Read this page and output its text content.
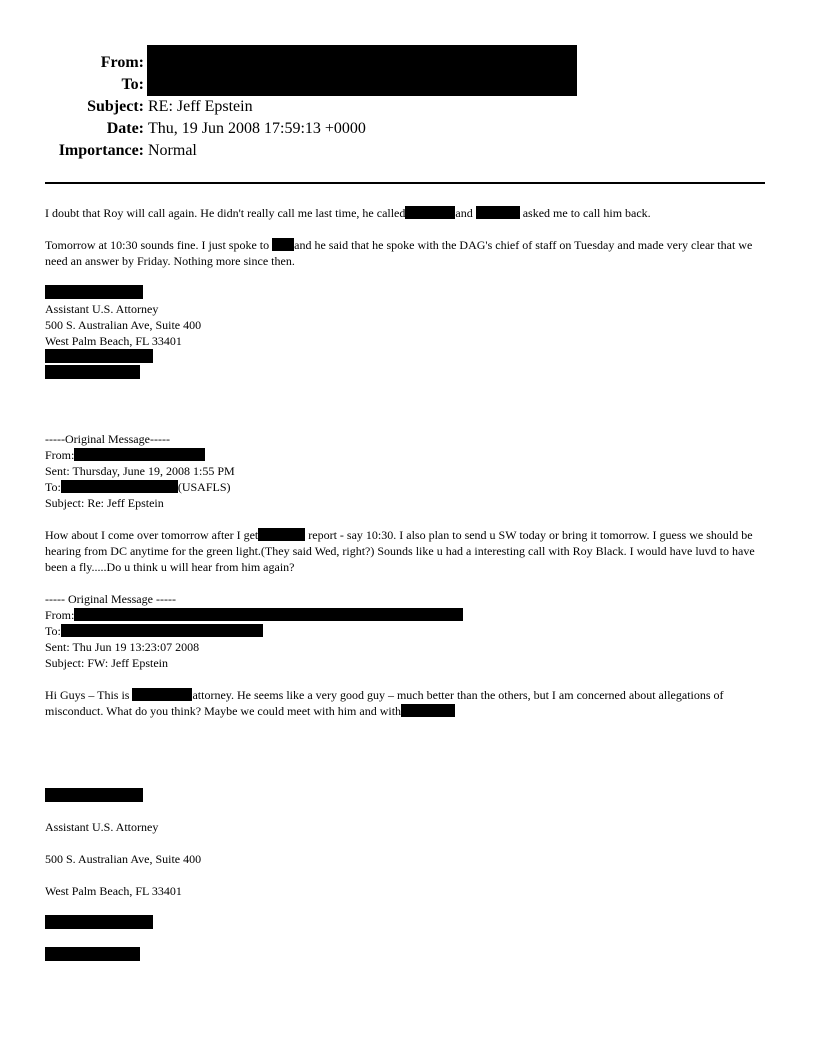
From:
To:
Subject: RE: Jeff Epstein
Date: Thu, 19 Jun 2008 17:59:13 +0000
Importance: Normal
I doubt that Roy will call again. He didn't really call me last time, he called	and	asked me to call him back.
Tomorrow at 10:30 sounds fine. I just spoke to and he said that he spoke with the DAG's chief of staff on Tuesday and made very clear that we need an answer by Friday. Nothing more since then.
Assistant U.S. Attorney
500 S. Australian Ave, Suite 400
West Palm Beach, FL 33401
-----Original Message-----
From:
Sent: Thursday, June 19, 2008 1:55 PM
To:	(USAFLS)
Subject: Re: Jeff Epstein
How about I come over tomorrow after I get	report - say 10:30. I also plan to send u SW today or bring it tomorrow. I guess we should be hearing from DC anytime for the green light.(They said Wed, right?) Sounds like u had a interesting call with Roy Black. I would have luvd to have been a fly.....Do u think u will hear from him again?
----- Original Message -----
From:
To:
Sent: Thu Jun 19 13:23:07 2008
Subject: FW: Jeff Epstein
Hi Guys – This is	attorney. He seems like a very good guy – much better than the others, but I am concerned about allegations of misconduct. What do you think? Maybe we could meet with him and with
Assistant U.S. Attorney
500 S. Australian Ave, Suite 400
West Palm Beach, FL 33401
